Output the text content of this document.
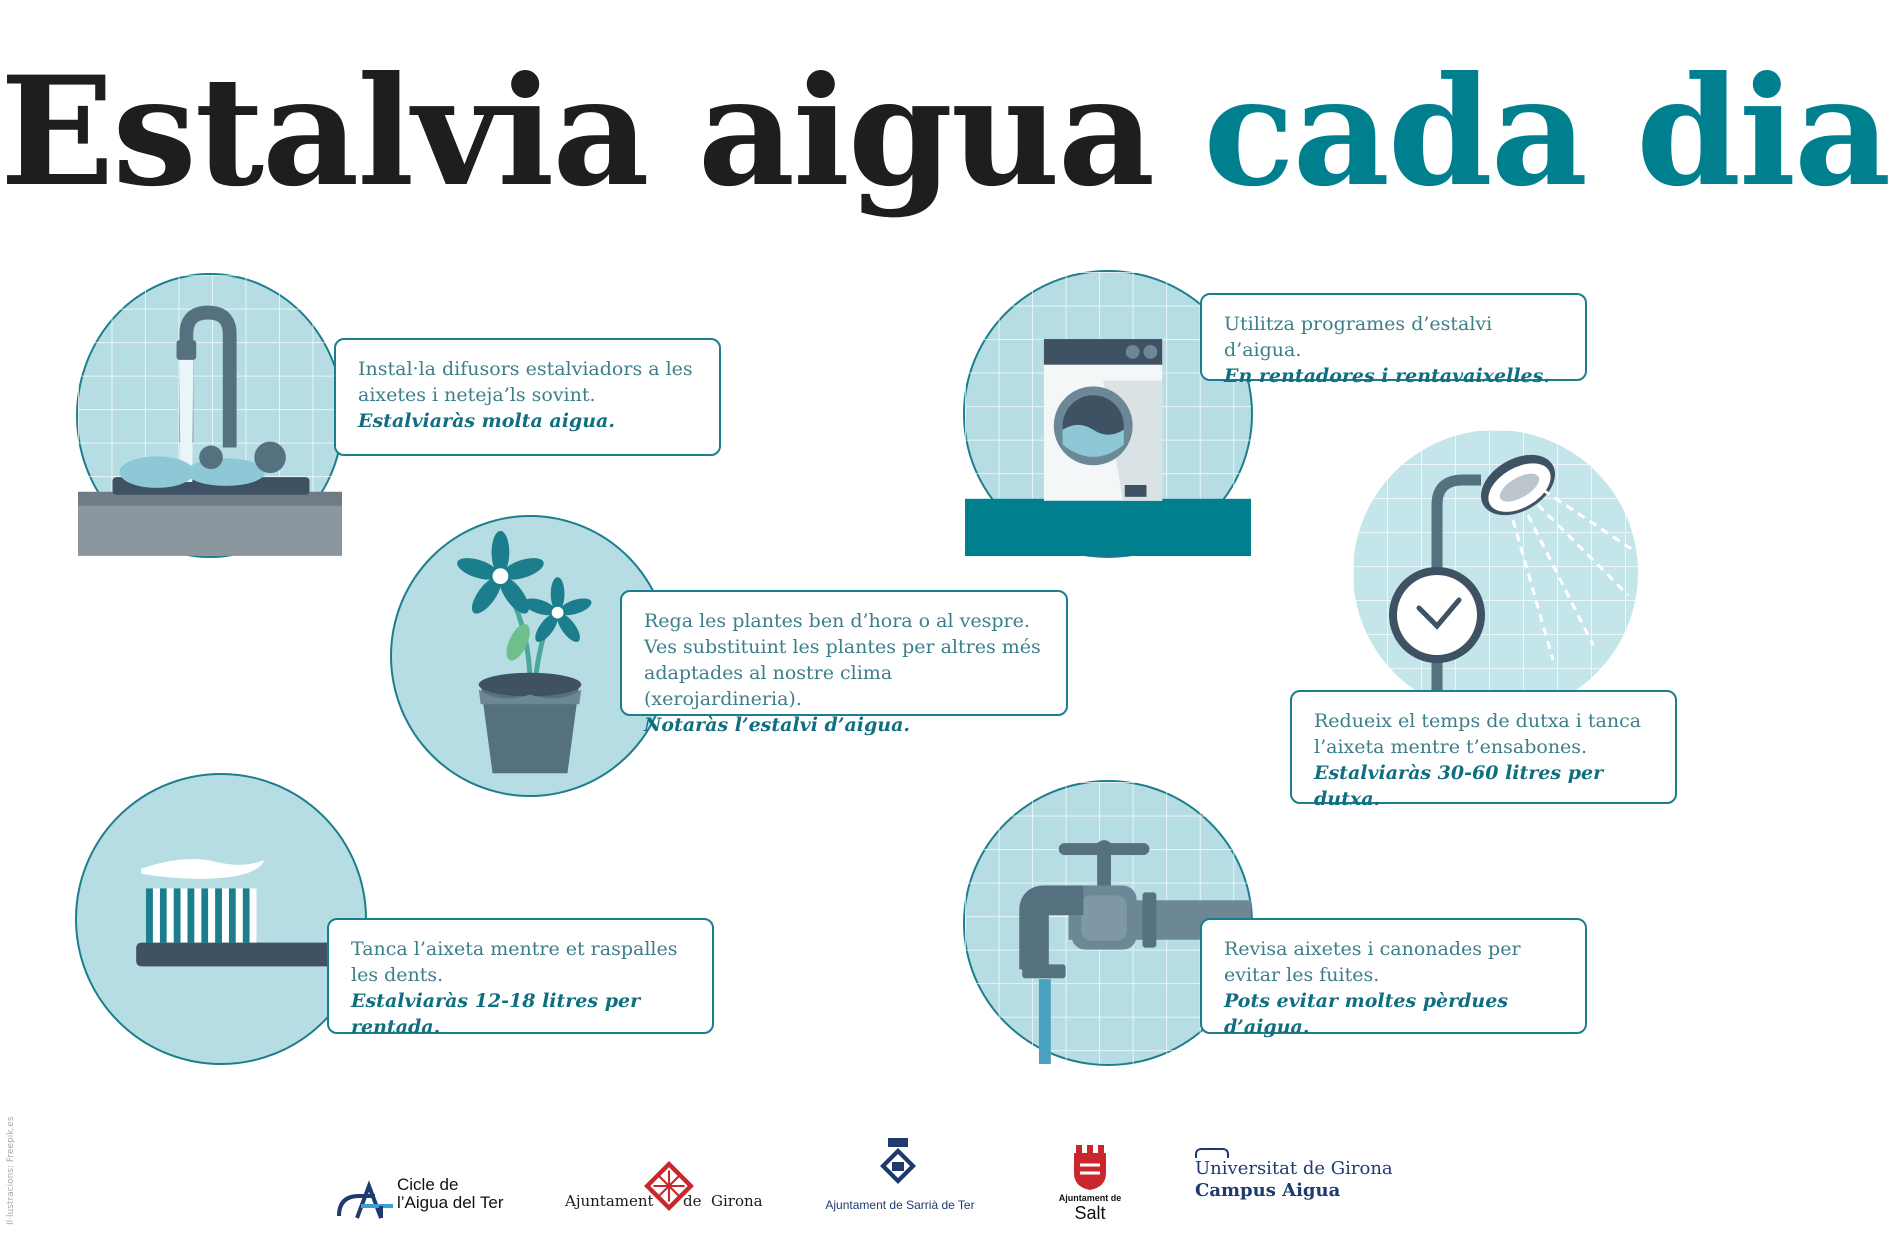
Estalvia aigua cada dia
Instal·la difusors estalviadors a les aixetes i neteja’ls sovint.
Estalviaràs molta aigua.
Utilitza programes d’estalvi d’aigua.
En rentadores i rentavaixelles.
Rega les plantes ben d’hora o al vespre. Ves substituint les plantes per altres més adaptades al nostre clima (xerojardineria).
Notaràs l’estalvi d’aigua.	Redueix el temps de dutxa i tanca l’aixeta mentre t’ensabones.
Estalviaràs 30-60 litres per dutxa.
Tanca l’aixeta mentre et raspalles les dents.
Estalviaràs 12-18 litres per rentada.
Revisa aixetes i canonades per evitar les fuites.
Pots evitar moltes pèrdues d’aigua.
Il·lustracions: Freepik.es	Cicle de
l’Aigua del Ter	Ajuntament de  Girona	Ajuntament de Sarrià de Ter	Ajuntament de
Salt
Universitat de Girona
Campus Aigua
